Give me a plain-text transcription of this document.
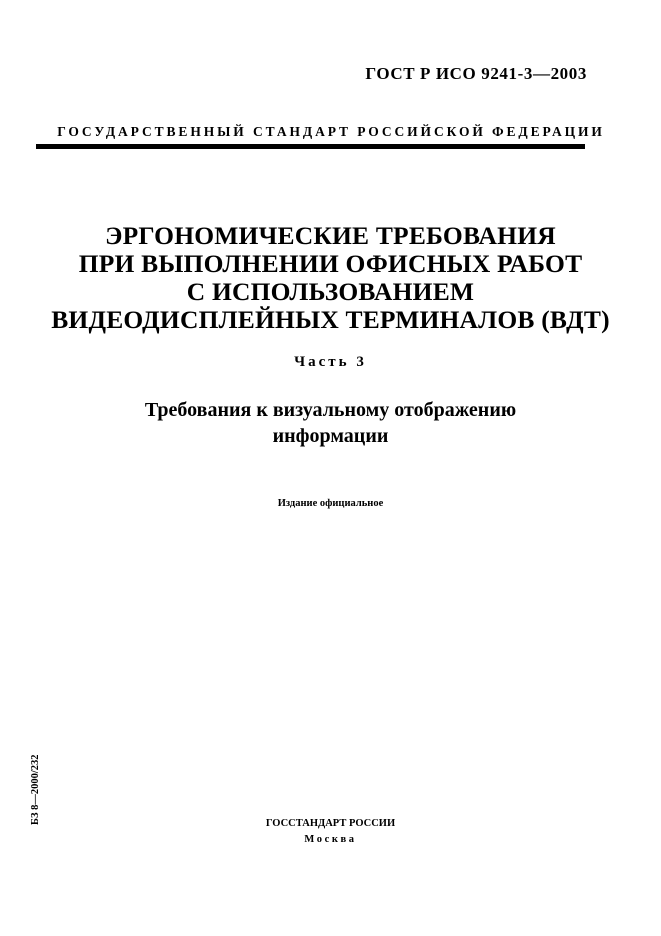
ГОСТ Р ИСО 9241-3—2003
ГОСУДАРСТВЕННЫЙ СТАНДАРТ РОССИЙСКОЙ ФЕДЕРАЦИИ
ЭРГОНОМИЧЕСКИЕ ТРЕБОВАНИЯ
ПРИ ВЫПОЛНЕНИИ ОФИСНЫХ РАБОТ
С ИСПОЛЬЗОВАНИЕМ
ВИДЕОДИСПЛЕЙНЫХ ТЕРМИНАЛОВ (ВДТ)
Часть 3
Требования к визуальному отображению
информации
Издание официальное
БЗ 8—2000/232	ГОССТАНДАРТ РОССИИ
Москва
